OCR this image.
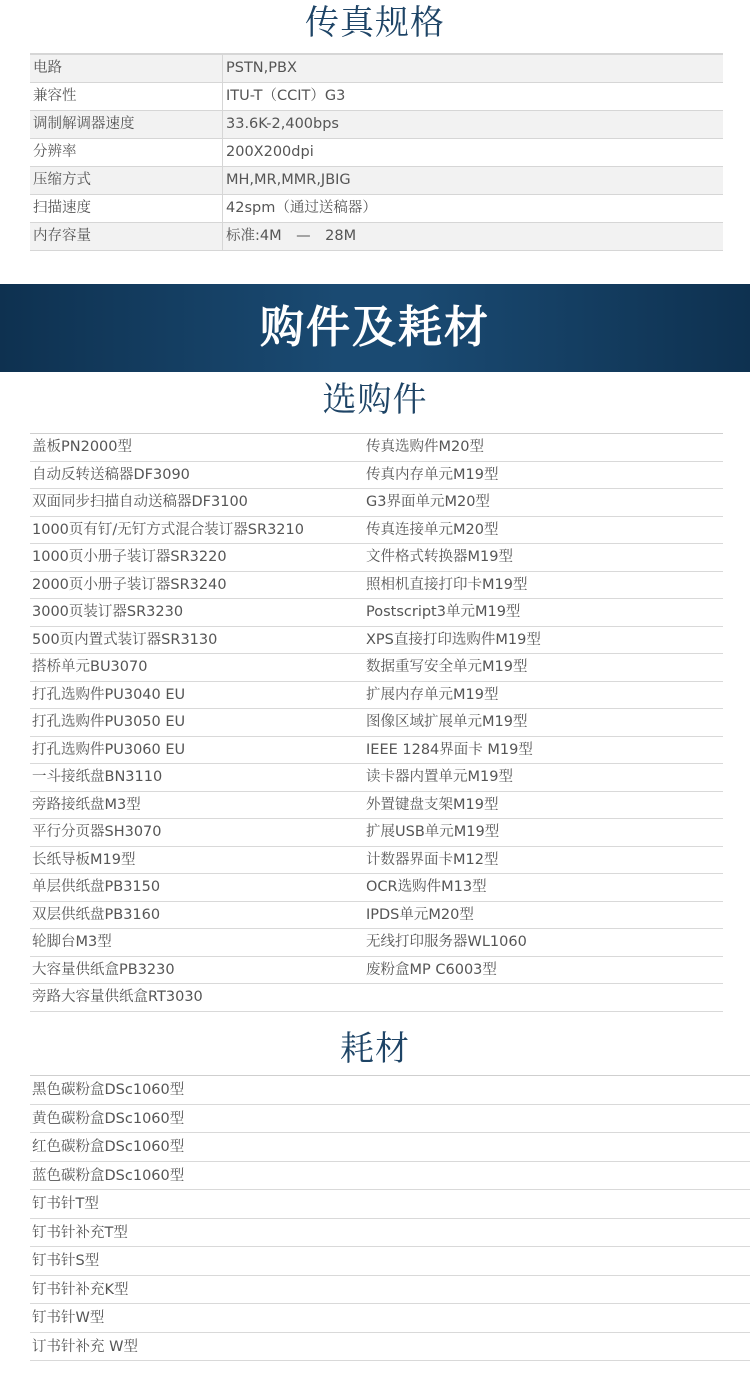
传真规格
电路	PSTN,PBX
兼容性	ITU-T（CCIT）G3
调制解调器速度	33.6K-2,400bps
分辨率	200X200dpi
压缩方式	MH,MR,MMR,JBIG
扫描速度	42spm（通过送稿器）
内存容量	标准:4M　—　28M
购件及耗材
选购件
盖板PN2000型	传真选购件M20型
自动反转送稿器DF3090	传真内存单元M19型
双面同步扫描自动送稿器DF3100	G3界面单元M20型
1000页有钉/无钉方式混合装订器SR3210	传真连接单元M20型
1000页小册子装订器SR3220	文件格式转换器M19型
2000页小册子装订器SR3240	照相机直接打印卡M19型
3000页装订器SR3230	Postscript3单元M19型
500页内置式装订器SR3130	XPS直接打印选购件M19型
搭桥单元BU3070	数据重写安全单元M19型
打孔选购件PU3040 EU	扩展内存单元M19型
打孔选购件PU3050 EU	图像区域扩展单元M19型
打孔选购件PU3060 EU	IEEE 1284界面卡 M19型
一斗接纸盘BN3110	读卡器内置单元M19型
旁路接纸盘M3型	外置键盘支架M19型
平行分页器SH3070	扩展USB单元M19型
长纸导板M19型	计数器界面卡M12型
单层供纸盘PB3150	OCR选购件M13型
双层供纸盘PB3160	IPDS单元M20型
轮脚台M3型	无线打印服务器WL1060
大容量供纸盒PB3230	废粉盒MP C6003型
旁路大容量供纸盒RT3030
耗材
黑色碳粉盒DSc1060型
黄色碳粉盒DSc1060型
红色碳粉盒DSc1060型
蓝色碳粉盒DSc1060型
钉书针T型
钉书针补充T型
钉书针S型
钉书针补充K型
钉书针W型
订书针补充 W型
